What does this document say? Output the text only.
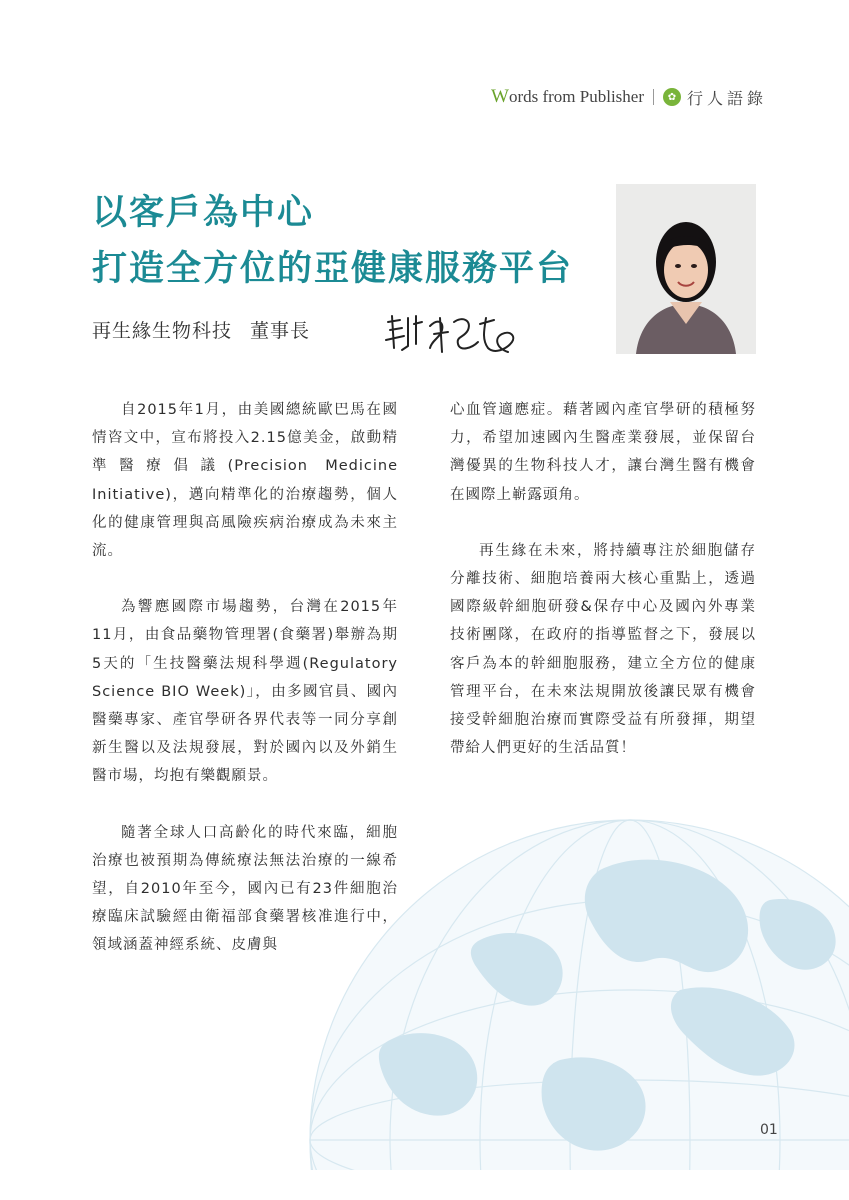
Words from Publisher	✿ 行人語錄
以客戶為中心
打造全方位的亞健康服務平台
再生緣生物科技 董事長

自2015年1月，由美國總統歐巴馬在國情咨文中，宣布將投入2.15億美金，啟動精準醫療倡議(Precision Medicine Initiative)，邁向精準化的治療趨勢，個人化的健康管理與高風險疾病治療成為未來主流。

為響應國際市場趨勢，台灣在2015年11月，由食品藥物管理署(食藥署)舉辦為期5天的「生技醫藥法規科學週(Regulatory Science BIO Week)」，由多國官員、國內醫藥專家、產官學研各界代表等一同分享創新生醫以及法規發展，對於國內以及外銷生醫市場，均抱有樂觀願景。

隨著全球人口高齡化的時代來臨，細胞治療也被預期為傳統療法無法治療的一線希望，自2010年至今，國內已有23件細胞治療臨床試驗經由衛福部食藥署核准進行中，領域涵蓋神經系統、皮膚與

心血管適應症。藉著國內產官學研的積極努力，希望加速國內生醫產業發展，並保留台灣優異的生物科技人才，讓台灣生醫有機會在國際上嶄露頭角。

再生緣在未來，將持續專注於細胞儲存分離技術、細胞培養兩大核心重點上，透過國際級幹細胞研發&保存中心及國內外專業技術團隊，在政府的指導監督之下，發展以客戶為本的幹細胞服務，建立全方位的健康管理平台，在未來法規開放後讓民眾有機會接受幹細胞治療而實際受益有所發揮，期望帶給人們更好的生活品質！

01
